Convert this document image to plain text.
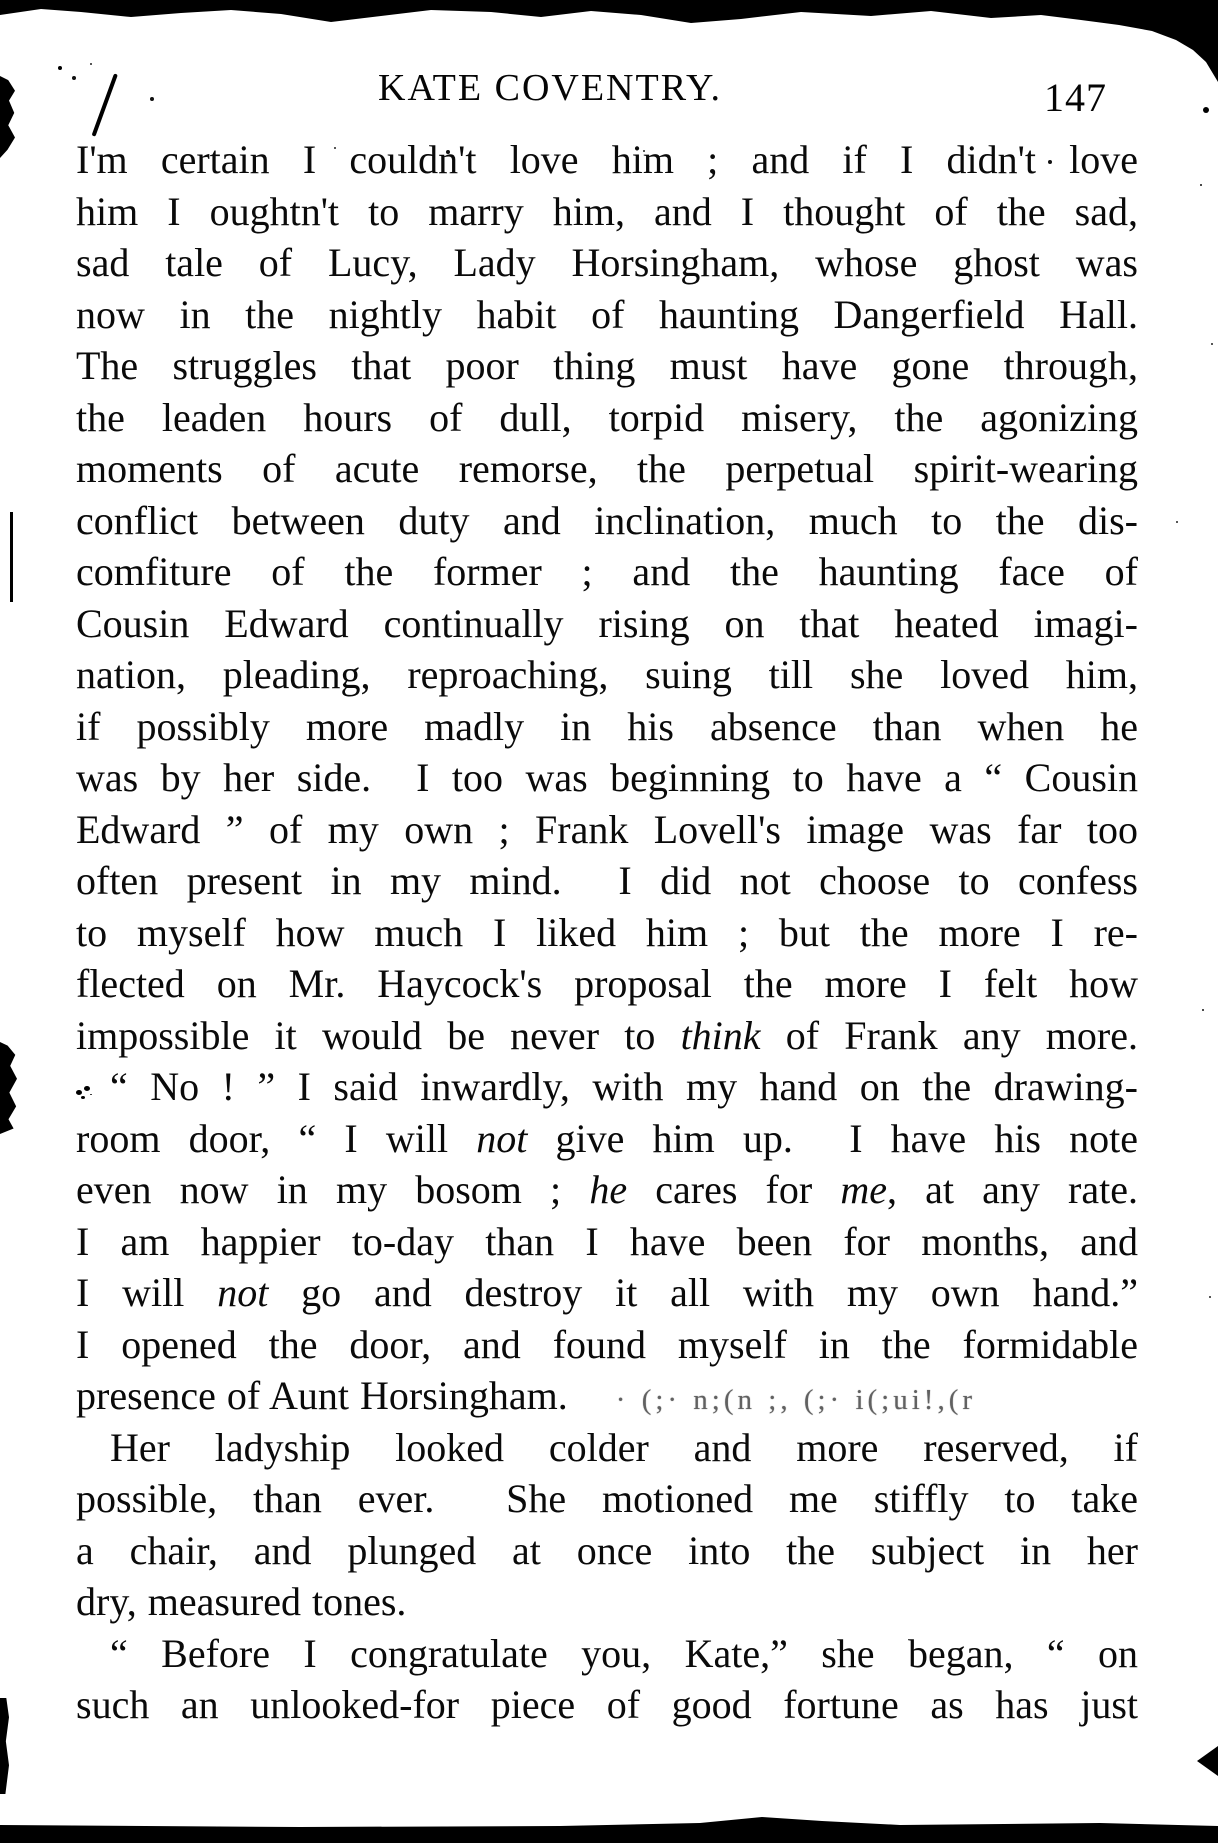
KATE COVENTRY.	147
I'm certain I couldn't love him ; and if I didn't love
him I oughtn't to marry him, and I thought of the sad,
sad tale of Lucy, Lady Horsingham, whose ghost was
now in the nightly habit of haunting Dangerfield Hall.
The struggles that poor thing must have gone through,
the leaden hours of dull, torpid misery, the agonizing
moments of acute remorse, the perpetual spirit-wearing
conflict between duty and inclination, much to the dis-
comfiture of the former ; and the haunting face of
Cousin Edward continually rising on that heated imagi-
nation, pleading, reproaching, suing till she loved him,
if possibly more madly in his absence than when he
was by her side.  I too was beginning to have a “ Cousin
Edward ” of my own ; Frank Lovell's image was far too
often present in my mind.  I did not choose to confess
to myself how much I liked him ; but the more I re-
flected on Mr. Haycock's proposal the more I felt how
impossible it would be never to think of Frank any more.
“ No ! ” I said inwardly, with my hand on the drawing-
room door, “ I will not give him up.  I have his note
even now in my bosom ; he cares for me, at any rate.
I am happier to-day than I have been for months, and
I will not go and destroy it all with my own hand.”
I opened the door, and found myself in the formidable
presence of Aunt Horsingham. · (;· n;(n ;, (;· i(;ui!,(r
Her ladyship looked colder and more reserved, if
possible, than ever.  She motioned me stiffly to take
a chair, and plunged at once into the subject in her
dry, measured tones.
“ Before I congratulate you, Kate,” she began, “ on
such an unlooked-for piece of good fortune as has just
